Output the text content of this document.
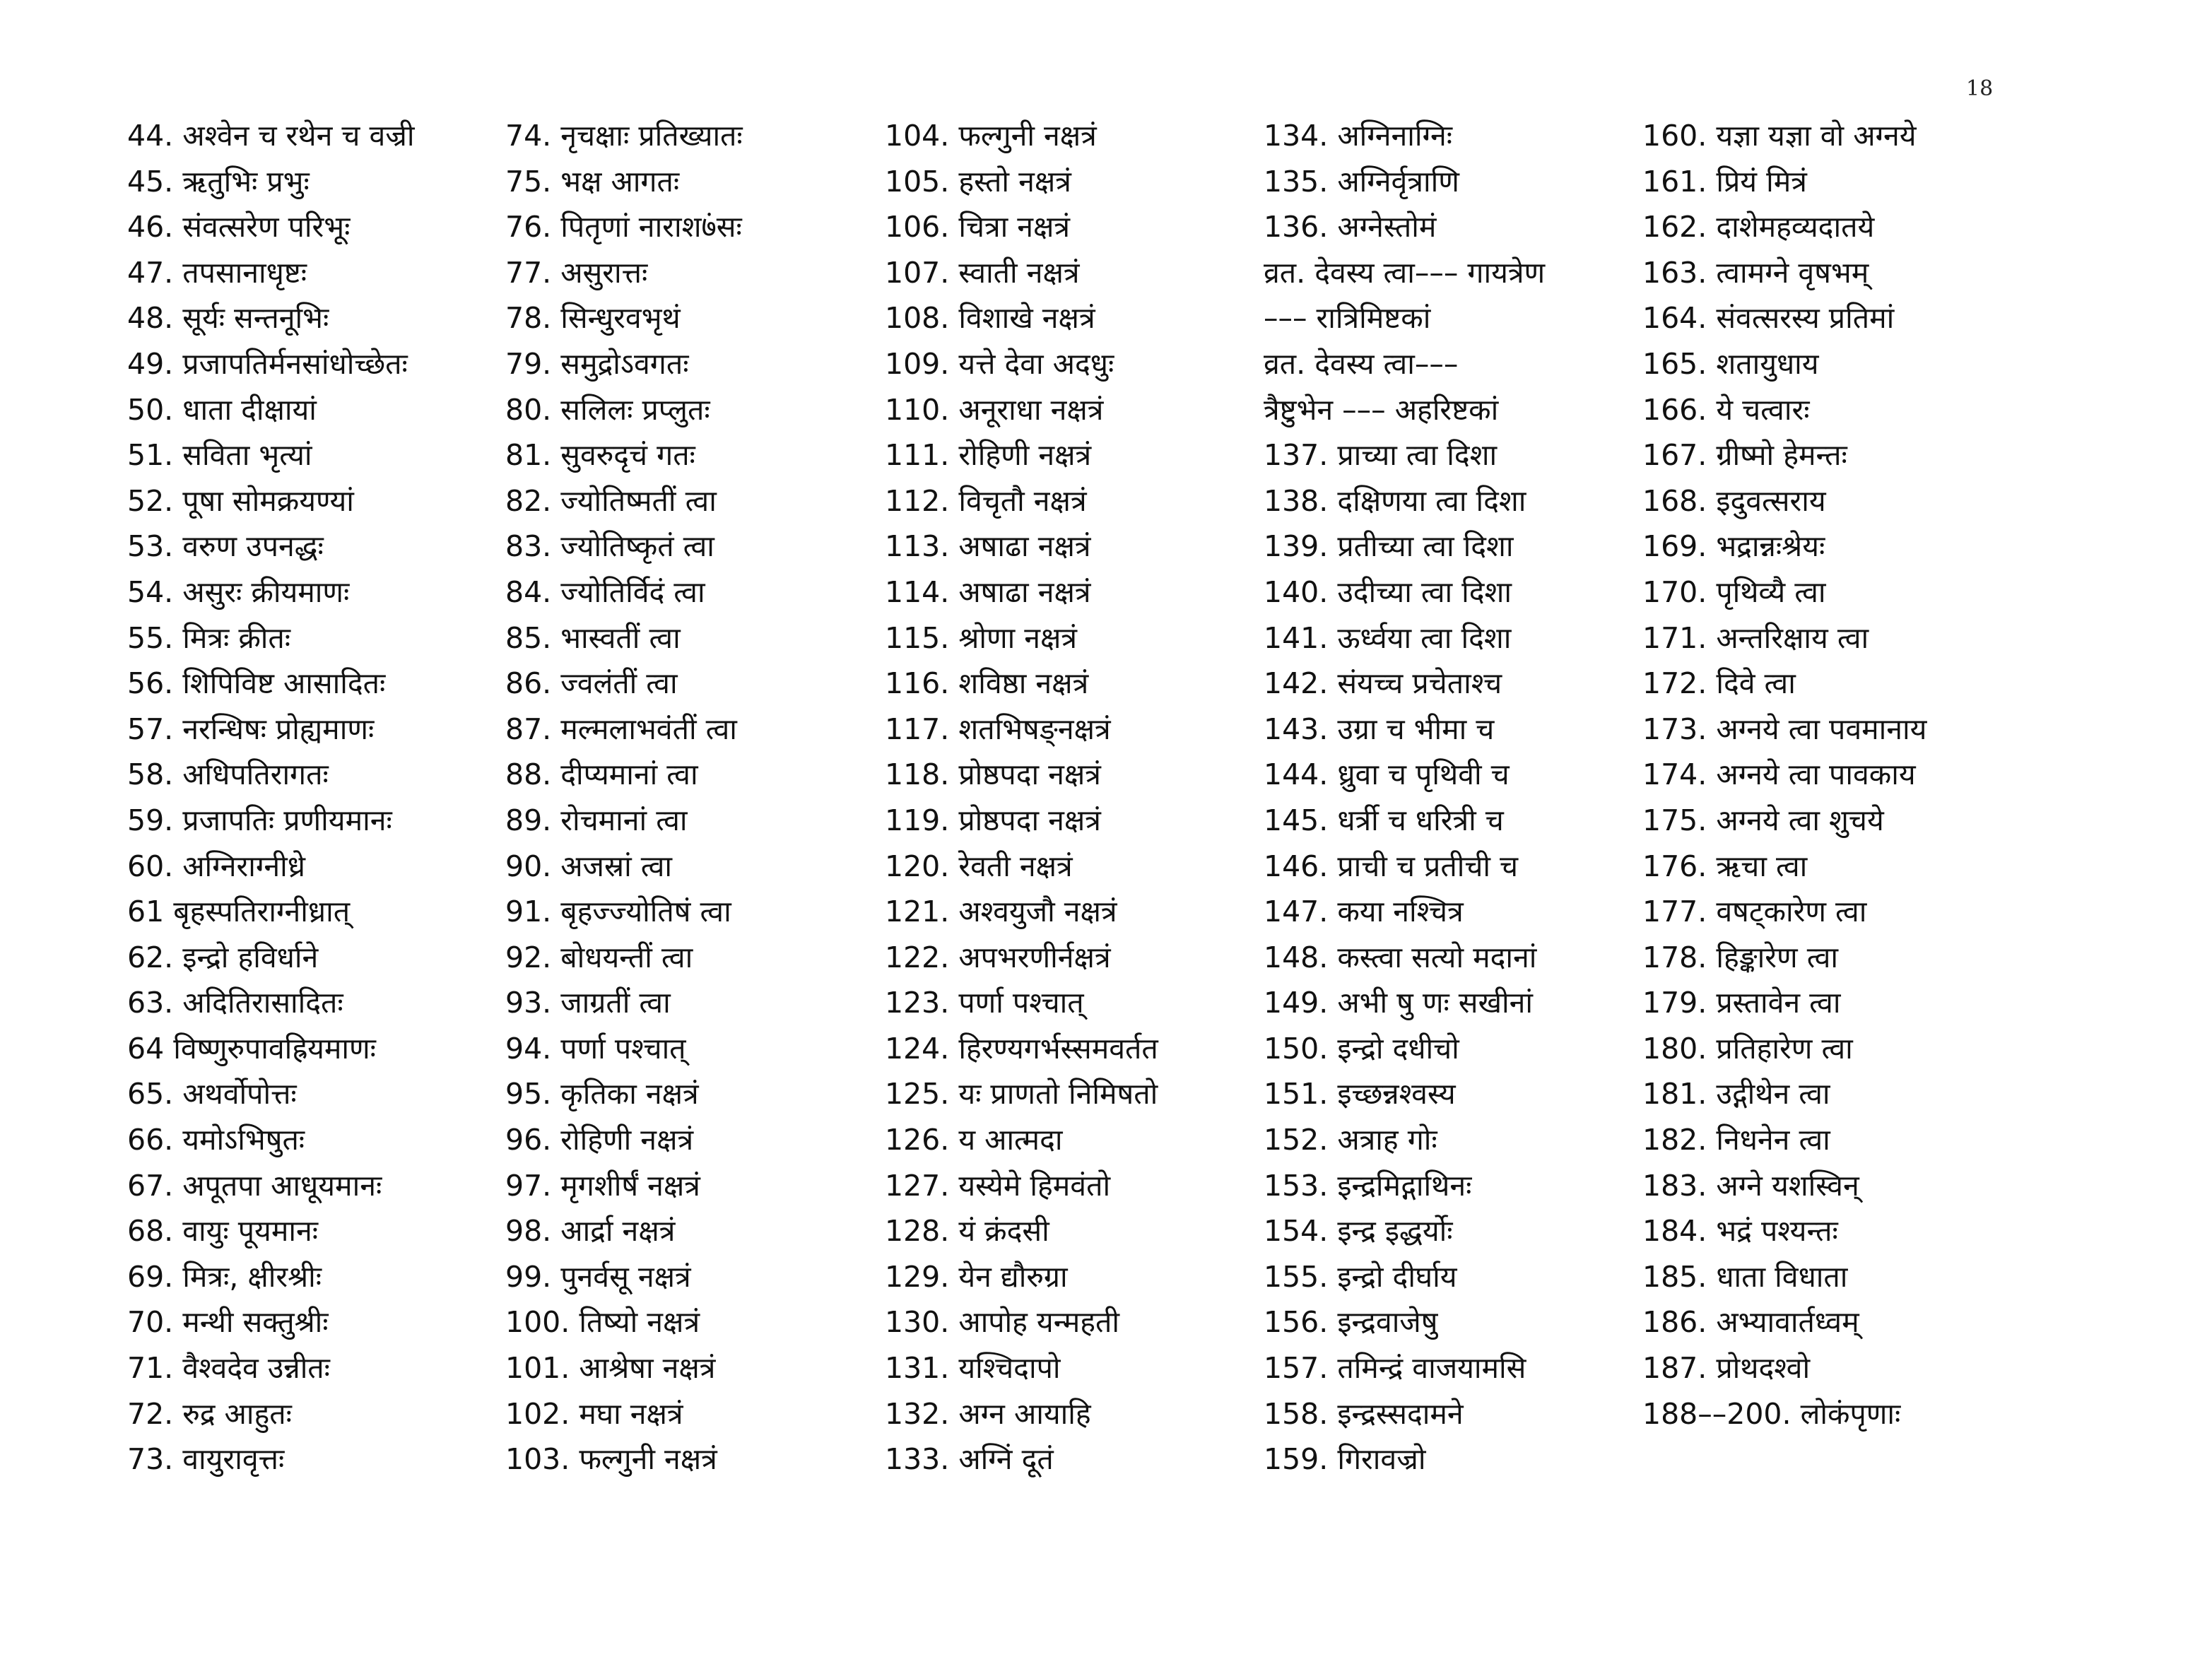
18
44. अश्वेन च रथेन च वज्री
45. ऋतुभिः प्रभुः
46. संवत्सरेण परिभूः
47. तपसानाधृष्टः
48. सूर्यः सन्तनूभिः
49. प्रजापतिर्मनसांधोच्छेतः
50. धाता दीक्षायां
51. सविता भृत्यां
52. पूषा सोमक्रयण्यां
53. वरुण उपनद्धः
54. असुरः क्रीयमाणः
55. मित्रः क्रीतः
56. शिपिविष्ट आसादितः
57. नरन्धिषः प्रोह्यमाणः
58. अधिपतिरागतः
59. प्रजापतिः प्रणीयमानः
60. अग्निराग्नीध्रे
61 बृहस्पतिराग्नीध्रात्
62. इन्द्रो हविर्धाने
63. अदितिरासादितः
64 विष्णुरुपावह्रियमाणः
65. अथर्वोपोत्तः
66. यमोऽभिषुतः
67. अपूतपा आधूयमानः
68. वायुः पूयमानः
69. मित्रः, क्षीरश्रीः
70. मन्थी सक्तुश्रीः
71. वैश्वदेव उन्नीतः
72. रुद्र आहुतः
73. वायुरावृत्तः
74. नृचक्षाः प्रतिख्यातः
75. भक्ष आगतः
76. पितृणां नाराश७ंसः
77. असुरात्तः
78. सिन्धुरवभृथं
79. समुद्रोऽवगतः
80. सलिलः प्रप्लुतः
81. सुवरुदृचं गतः
82. ज्योतिष्मतीं त्वा
83. ज्योतिष्कृतं त्वा
84. ज्योतिर्विदं त्वा
85. भास्वतीं त्वा
86. ज्वलंतीं त्वा
87. मल्मलाभवंतीं त्वा
88. दीप्यमानां त्वा
89. रोचमानां त्वा
90. अजस्रां त्वा
91. बृहज्ज्योतिषं त्वा
92. बोधयन्तीं त्वा
93. जाग्रतीं त्वा
94. पर्णा पश्चात्
95. कृतिका नक्षत्रं
96. रोहिणी नक्षत्रं
97. मृगशीर्षं नक्षत्रं
98. आर्द्रा नक्षत्रं
99. पुनर्वसू नक्षत्रं
100. तिष्यो नक्षत्रं
101. आश्रेषा नक्षत्रं
102. मघा नक्षत्रं
103. फल्गुनी नक्षत्रं
104. फल्गुनी नक्षत्रं
105. हस्तो नक्षत्रं
106. चित्रा नक्षत्रं
107. स्वाती नक्षत्रं
108. विशाखे नक्षत्रं
109. यत्ते देवा अदधुः
110. अनूराधा नक्षत्रं
111. रोहिणी नक्षत्रं
112. विचृतौ नक्षत्रं
113. अषाढा नक्षत्रं
114. अषाढा नक्षत्रं
115. श्रोणा नक्षत्रं
116. शविष्ठा नक्षत्रं
117. शतभिषङ्नक्षत्रं
118. प्रोष्ठपदा नक्षत्रं
119. प्रोष्ठपदा नक्षत्रं
120. रेवती नक्षत्रं
121. अश्वयुजौ नक्षत्रं
122. अपभरणीर्नक्षत्रं
123. पर्णा पश्चात्
124. हिरण्यगर्भस्समवर्तत
125. यः प्राणतो निमिषतो
126. य आत्मदा
127. यस्येमे हिमवंतो
128. यं क्रंदसी
129. येन द्यौरुग्रा
130. आपोह यन्महती
131. यश्चिदापो
132. अग्न आयाहि
133. अग्निं दूतं
134. अग्निनाग्निः
135. अग्निर्वृत्राणि
136. अग्नेस्तोमं
व्रत. देवस्य त्वा––– गायत्रेण
––– रात्रिमिष्टकां
व्रत. देवस्य त्वा–––
त्रैष्टुभेन ––– अहरिष्टकां
137. प्राच्या त्वा दिशा
138. दक्षिणया त्वा दिशा
139. प्रतीच्या त्वा दिशा
140. उदीच्या त्वा दिशा
141. ऊर्ध्वया त्वा दिशा
142. संयच्च प्रचेताश्च
143. उग्रा च भीमा च
144. ध्रुवा च पृथिवी च
145. धर्त्री च धरित्री च
146. प्राची च प्रतीची च
147. कया नश्चित्र
148. कस्त्वा सत्यो मदानां
149. अभी षु णः सखीनां
150. इन्द्रो दधीचो
151. इच्छन्नश्वस्य
152. अत्राह गोः
153. इन्द्रमिद्गाथिनः
154. इन्द्र इद्धर्योः
155. इन्द्रो दीर्घाय
156. इन्द्रवाजेषु
157. तमिन्द्रं वाजयामसि
158. इन्द्रस्सदामने
159. गिरावज्रो
160. यज्ञा यज्ञा वो अग्नये
161. प्रियं मित्रं
162. दाशेमहव्यदातये
163. त्वामग्ने वृषभम्
164. संवत्सरस्य प्रतिमां
165. शतायुधाय
166. ये चत्वारः
167. ग्रीष्मो हेमन्तः
168. इदुवत्सराय
169. भद्रान्नःश्रेयः
170. पृथिव्यै त्वा
171. अन्तरिक्षाय त्वा
172. दिवे त्वा
173. अग्नये त्वा पवमानाय
174. अग्नये त्वा पावकाय
175. अग्नये त्वा शुचये
176. ऋचा त्वा
177. वषट्कारेण त्वा
178. हिङ्कारेण त्वा
179. प्रस्तावेन त्वा
180. प्रतिहारेण त्वा
181. उद्गीथेन त्वा
182. निधनेन त्वा
183. अग्ने यशस्विन्
184. भद्रं पश्यन्तः
185. धाता विधाता
186. अभ्यावार्तध्वम्
187. प्रोथदश्वो
188––200. लोकंपृणाः
